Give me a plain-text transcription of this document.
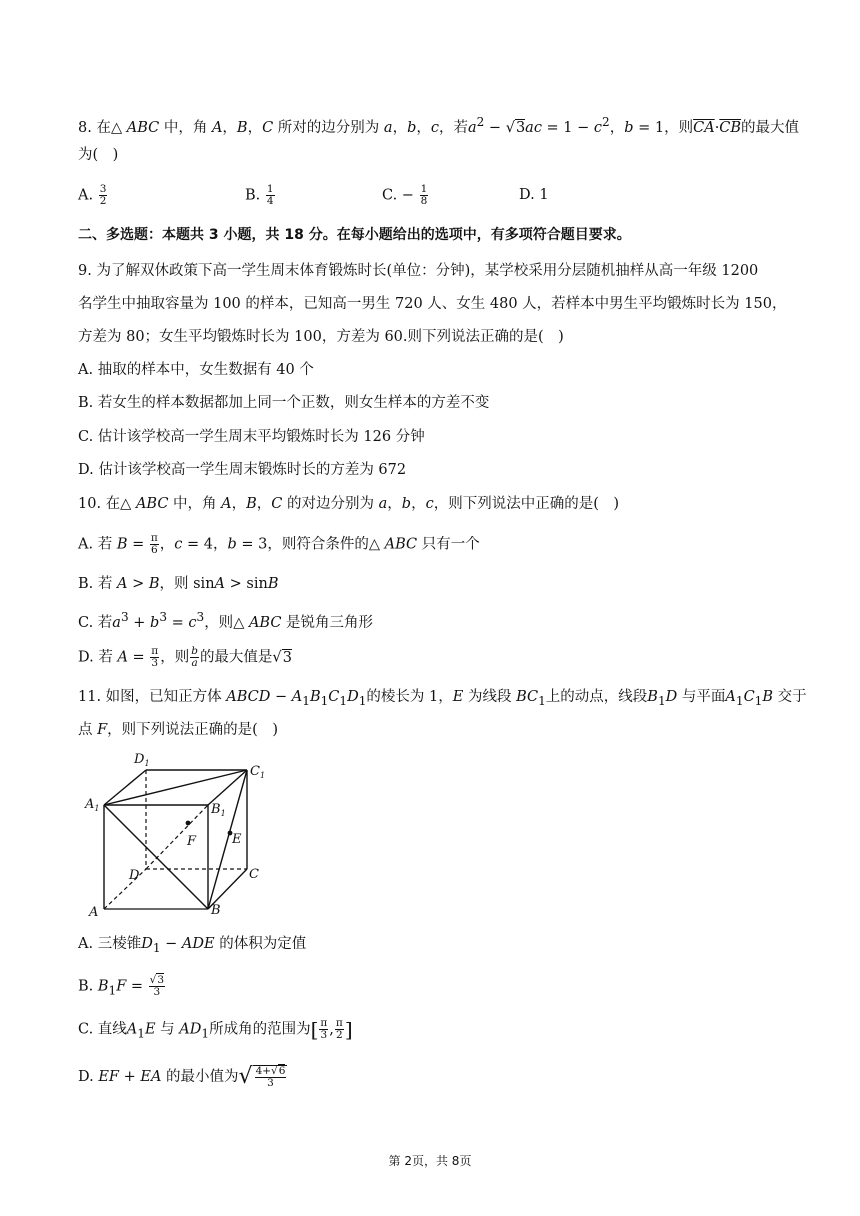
8. 在△ ABC 中，角 A，B，C 所对的边分别为 a，b，c，若$a^2 - √3ac = 1 - c^2$，b = 1，则$\overline{CA}\cdot\overline{CB}$的最大值
为(　)
A. $\frac{3}{2}$	B. $\frac{1}{4}$	C. − $\frac{1}{8}$	D. 1
二、多选题：本题共 3 小题，共 18 分。在每小题给出的选项中，有多项符合题目要求。
9. 为了解双休政策下高一学生周末体育锻炼时长(单位：分钟)，某学校采用分层随机抽样从高一年级 1200
名学生中抽取容量为 100 的样本，已知高一男生 720 人、女生 480 人，若样本中男生平均锻炼时长为 150，
方差为 80；女生平均锻炼时长为 100，方差为 60.则下列说法正确的是(　)
A. 抽取的样本中，女生数据有 40 个
B. 若女生的样本数据都加上同一个正数，则女生样本的方差不变
C. 估计该学校高一学生周末平均锻炼时长为 126 分钟
D. 估计该学校高一学生周末锻炼时长的方差为 672
10. 在△ ABC 中，角 A，B，C 的对边分别为 a，b，c，则下列说法中正确的是(　)
A. 若 $B = \frac{\pi}{6}$ ，c = 4，b = 3，则符合条件的△ ABC 只有一个
B. 若 A > B，则 sinA > sinB
C. 若$a^3 + b^3 = c^3$，则△ ABC 是锐角三角形
D. 若 $A = \frac{\pi}{3}$ ，则 $\frac{b}{a}$ 的最大值是√3
11. 如图，已知正方体 ABCD − $A_1B_1C_1D_1$的棱长为 1，E 为线段 $BC_1$上的动点，线段$B_1D$ 与平面$A_1C_1B$ 交于
点 F，则下列说法正确的是(　)
$D_1$
$C_1$
$A_1$	$B_1$
F	E
D	C
A	B
A. 三棱锥$D_1$ − ADE 的体积为定值
B. $B_1F = \frac{√3}{3}$
C. 直线$A_1E$ 与 $AD_1$所成角的范围为[ $\frac{\pi}{3}$ , $\frac{\pi}{2}$ ]
D. EF + EA 的最小值为√ $\frac{4+√6}{3}$
第 2页，共 8页
